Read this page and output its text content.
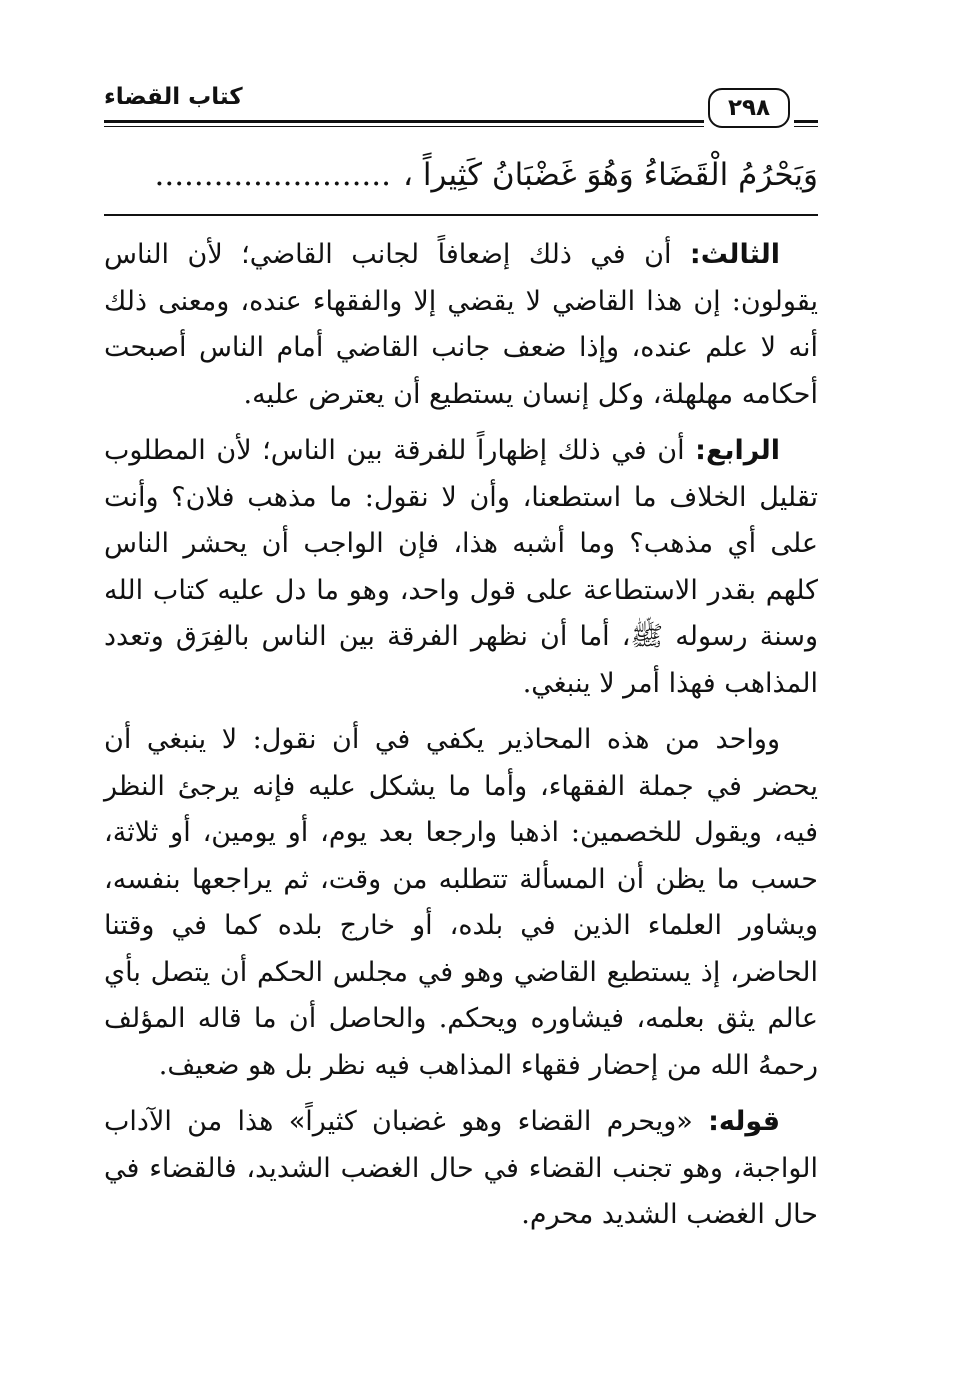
كتاب القضاء	٢٩٨
وَيَحْرُمُ الْقَضَاءُ وَهُوَ غَضْبَانُ كَثِيراً ،........................

الثالث: أن في ذلك إضعافاً لجانب القاضي؛ لأن الناس يقولون: إن هذا القاضي لا يقضي إلا والفقهاء عنده، ومعنى ذلك أنه لا علم عنده، وإذا ضعف جانب القاضي أمام الناس أصبحت أحكامه مهلهلة، وكل إنسان يستطيع أن يعترض عليه.

الرابع: أن في ذلك إظهاراً للفرقة بين الناس؛ لأن المطلوب تقليل الخلاف ما استطعنا، وأن لا نقول: ما مذهب فلان؟ وأنت على أي مذهب؟ وما أشبه هذا، فإن الواجب أن يحشر الناس كلهم بقدر الاستطاعة على قول واحد، وهو ما دل عليه كتاب الله وسنة رسوله ﷺ، أما أن نظهر الفرقة بين الناس بالفِرَق وتعدد المذاهب فهذا أمر لا ينبغي.

وواحد من هذه المحاذير يكفي في أن نقول: لا ينبغي أن يحضر في جملة الفقهاء، وأما ما يشكل عليه فإنه يرجئ النظر فيه، ويقول للخصمين: اذهبا وارجعا بعد يوم، أو يومين، أو ثلاثة، حسب ما يظن أن المسألة تتطلبه من وقت، ثم يراجعها بنفسه، ويشاور العلماء الذين في بلده، أو خارج بلده كما في وقتنا الحاضر، إذ يستطيع القاضي وهو في مجلس الحكم أن يتصل بأي عالم يثق بعلمه، فيشاوره ويحكم. والحاصل أن ما قاله المؤلف رحمهُ الله من إحضار فقهاء المذاهب فيه نظر بل هو ضعيف.

قوله: «ويحرم القضاء وهو غضبان كثيراً» هذا من الآداب الواجبة، وهو تجنب القضاء في حال الغضب الشديد، فالقضاء في حال الغضب الشديد محرم.
